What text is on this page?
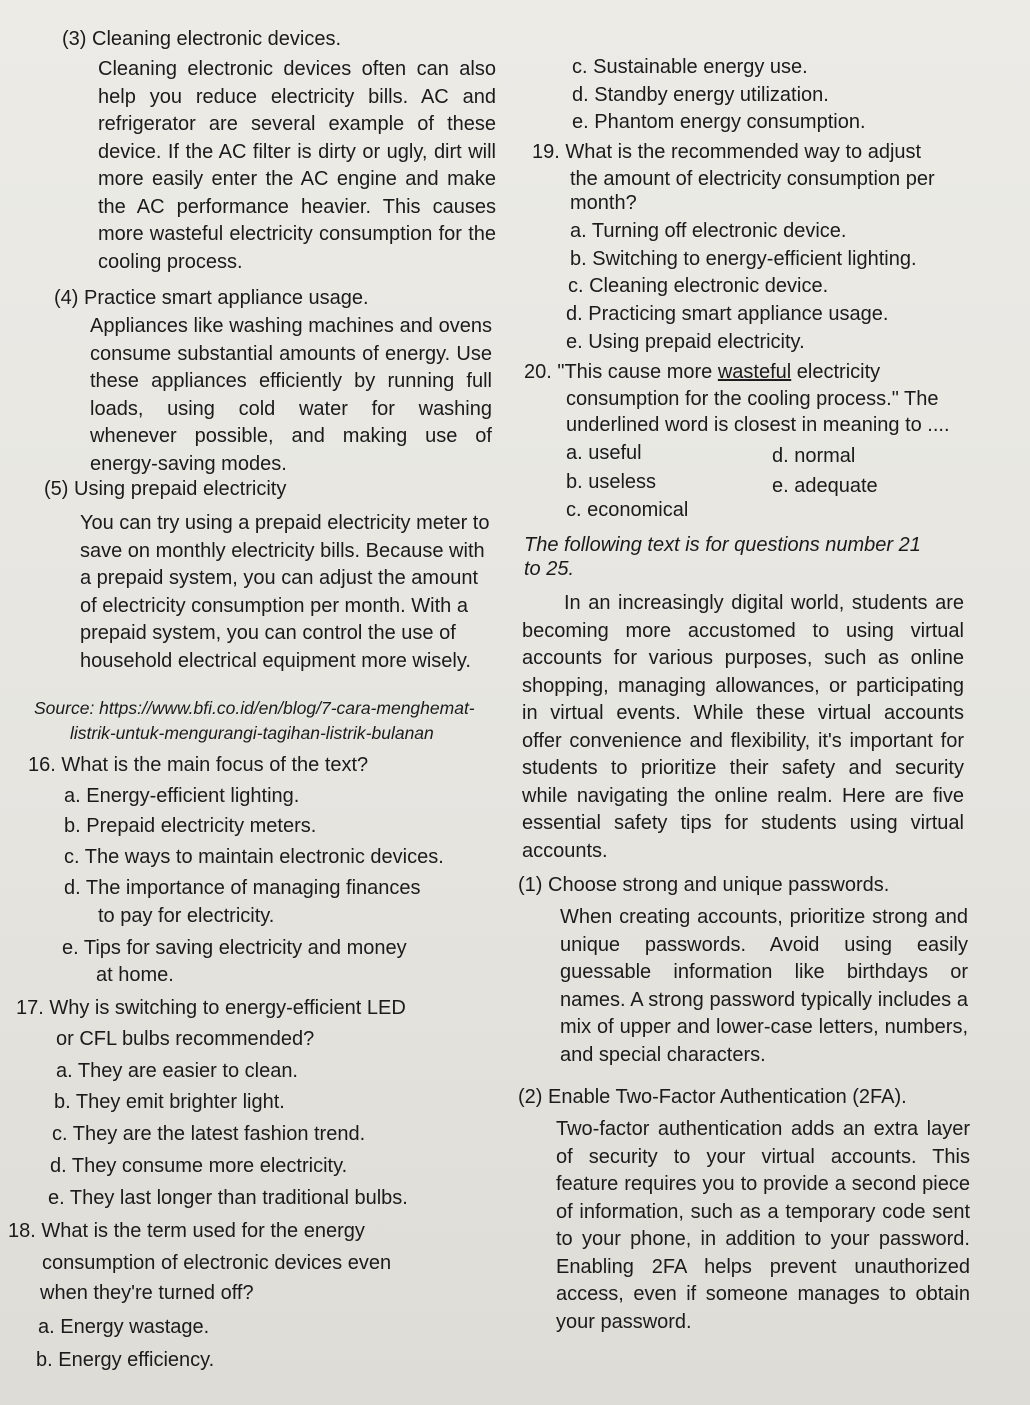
(3) Cleaning electronic devices.
Cleaning electronic devices often can also help you reduce electricity bills. AC and refrigerator are several example of these device. If the AC filter is dirty or ugly, dirt will more easily enter the AC engine and make the AC performance heavier. This causes more wasteful electricity consumption for the cooling process.
(4) Practice smart appliance usage.
Appliances like washing machines and ovens consume substantial amounts of energy. Use these appliances efficiently by running full loads, using cold water for washing whenever possible, and making use of energy-saving modes.
(5) Using prepaid electricity
You can try using a prepaid electricity meter to save on monthly electricity bills. Because with a prepaid system, you can adjust the amount of electricity consumption per month. With a prepaid system, you can control the use of household electrical equipment more wisely.
Source: https://www.bfi.co.id/en/blog/7-cara-menghemat-
listrik-untuk-mengurangi-tagihan-listrik-bulanan
16. What is the main focus of the text?
a. Energy-efficient lighting.
b. Prepaid electricity meters.
c. The ways to maintain electronic devices.
d. The importance of managing finances
to pay for electricity.
e. Tips for saving electricity and money
at home.
17. Why is switching to energy-efficient LED
or CFL bulbs recommended?
a. They are easier to clean.
b. They emit brighter light.
c. They are the latest fashion trend.
d. They consume more electricity.
e. They last longer than traditional bulbs.
18. What is the term used for the energy
consumption of electronic devices even
when they're turned off?
a. Energy wastage.
b. Energy efficiency.
c. Sustainable energy use.
d. Standby energy utilization.
e. Phantom energy consumption.
19. What is the recommended way to adjust
the amount of electricity consumption per
month?
a. Turning off electronic device.
b. Switching to energy-efficient lighting.
c. Cleaning electronic device.
d. Practicing smart appliance usage.
e. Using prepaid electricity.
20. "This cause more wasteful electricity
consumption for the cooling process." The
underlined word is closest in meaning to ....
a. useful
b. useless
c. economical
d. normal
e. adequate
The following text is for questions number 21
to 25.
In an increasingly digital world, students are becoming more accustomed to using virtual accounts for various purposes, such as online shopping, managing allowances, or participating in virtual events. While these virtual accounts offer convenience and flexibility, it's important for students to prioritize their safety and security while navigating the online realm. Here are five essential safety tips for students using virtual accounts.
(1) Choose strong and unique passwords.
When creating accounts, prioritize strong and unique passwords. Avoid using easily guessable information like birthdays or names. A strong password typically includes a mix of upper and lower-case letters, numbers, and special characters.
(2) Enable Two-Factor Authentication (2FA).
Two-factor authentication adds an extra layer of security to your virtual accounts. This feature requires you to provide a second piece of information, such as a temporary code sent to your phone, in addition to your password. Enabling 2FA helps prevent unauthorized access, even if someone manages to obtain your password.
